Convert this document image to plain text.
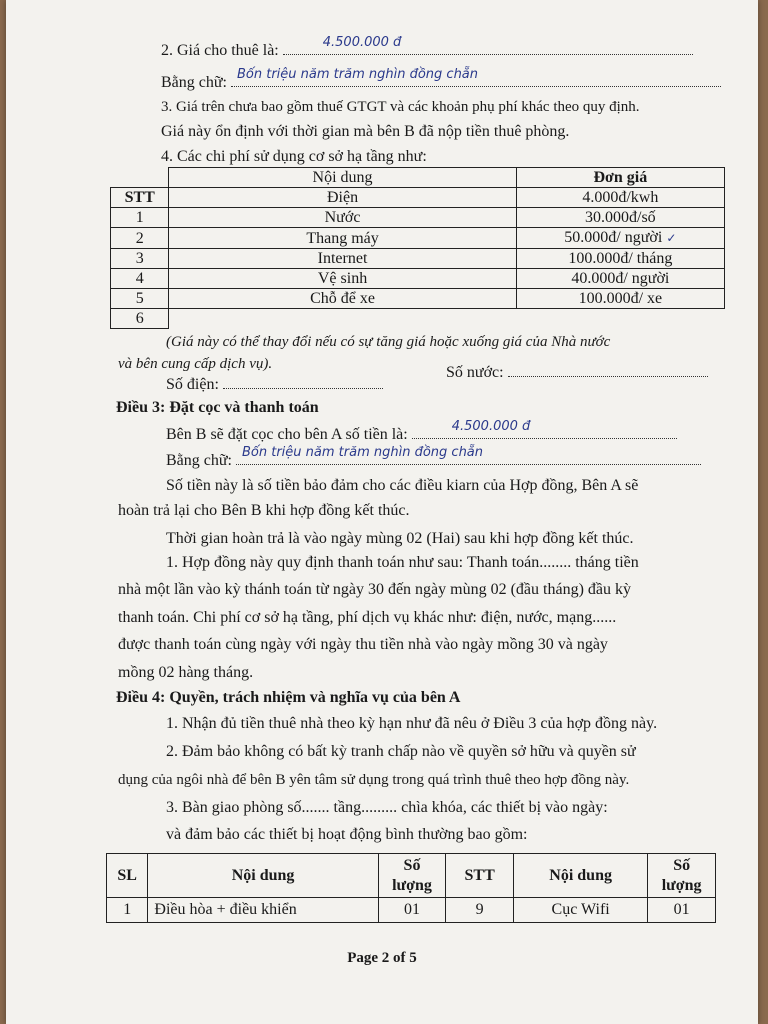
2. Giá cho thuê là:	4.500.000 đ
Bằng chữ: Bốn triệu năm trăm nghìn đồng chẵn
3. Giá trên chưa bao gồm thuế GTGT và các khoản phụ phí khác theo quy định.
Giá này ổn định với thời gian mà bên B đã nộp tiền thuê phòng.
4. Các chi phí sử dụng cơ sở hạ tầng như:
	Nội dung	Đơn giá
STT	Điện	4.000đ/kwh
1	Nước	30.000đ/số
2	Thang máy	50.000đ/ người ✓
3	Internet	100.000đ/ tháng
4	Vệ sinh	40.000đ/ người
5	Chỗ để xe	100.000đ/ xe
6		
(Giá này có thể thay đổi nếu có sự tăng giá hoặc xuống giá của Nhà nước
và bên cung cấp dịch vụ).
Số điện:
Số nước:
Điều 3: Đặt cọc và thanh toán
Bên B sẽ đặt cọc cho bên A số tiền là:	4.500.000 đ
Bằng chữ: Bốn triệu năm trăm nghìn đồng chẵn
Số tiền này là số tiền bảo đảm cho các điều kiarn của Hợp đồng, Bên A sẽ
hoàn trả lại cho Bên B khi hợp đồng kết thúc.
Thời gian hoàn trả là vào ngày mùng 02 (Hai) sau khi hợp đồng kết thúc.
1. Hợp đồng này quy định thanh toán như sau: Thanh toán........ tháng tiền
nhà một lần vào kỳ thánh toán từ ngày 30 đến ngày mùng 02 (đầu tháng) đầu kỳ
thanh toán. Chi phí cơ sở hạ tầng, phí dịch vụ khác như: điện, nước, mạng......
được thanh toán cùng ngày với ngày thu tiền nhà vào ngày mồng 30 và ngày
mồng 02 hàng tháng.
Điều 4: Quyền, trách nhiệm và nghĩa vụ của bên A
1. Nhận đủ tiền thuê nhà theo kỳ hạn như đã nêu ở Điều 3 của hợp đồng này.
2. Đảm bảo không có bất kỳ tranh chấp nào về quyền sở hữu và quyền sử
dụng của ngôi nhà để bên B yên tâm sử dụng trong quá trình thuê theo hợp đồng này.
3. Bàn giao phòng số....... tầng......... chìa khóa, các thiết bị vào ngày:
và đảm bảo các thiết bị hoạt động bình thường bao gồm:
SL	Nội dung	Số
lượng	STT	Nội dung	Số
lượng
1	Điều hòa + điều khiển	01	9	Cục Wifi	01
Page 2 of 5
